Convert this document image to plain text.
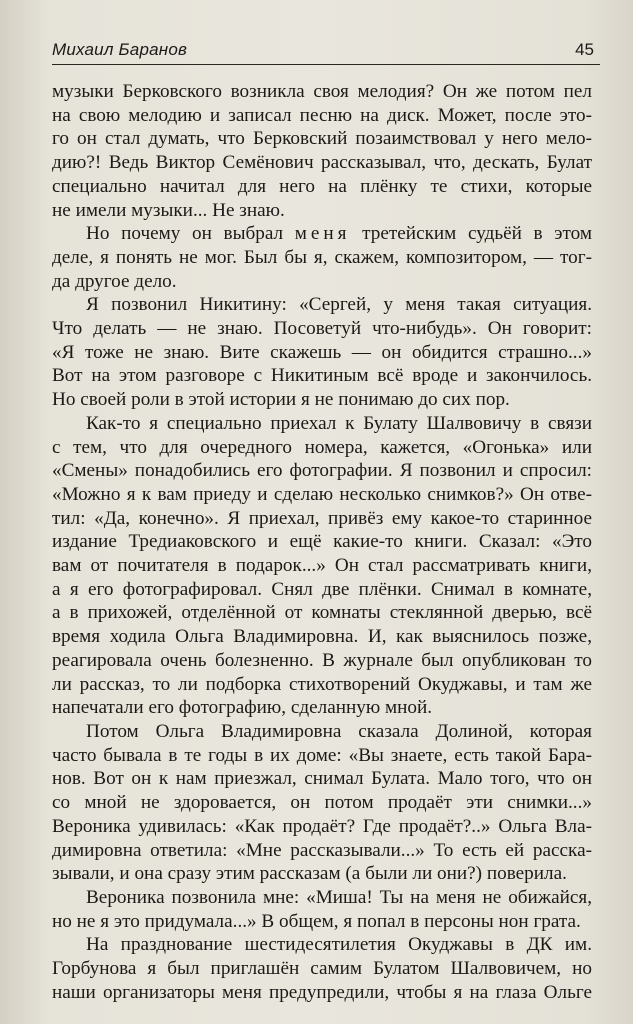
Михаил Баранов	45

музыки Берковского возникла своя мелодия? Он же потом пел

на свою мелодию и записал песню на диск. Может, после это-

го он стал думать, что Берковский позаимствовал у него мело-

дию?! Ведь Виктор Семёнович рассказывал, что, дескать, Булат

специально начитал для него на плёнку те стихи, которые

не имели музыки... Не знаю.

Но почему он выбрал меня третейским судьёй в этом

деле, я понять не мог. Был бы я, скажем, композитором, — тог-

да другое дело.

Я позвонил Никитину: «Сергей, у меня такая ситуация.

Что делать — не знаю. Посоветуй что-нибудь». Он говорит:

«Я тоже не знаю. Вите скажешь — он обидится страшно...»

Вот на этом разговоре с Никитиным всё вроде и закончилось.

Но своей роли в этой истории я не понимаю до сих пор.

Как-то я специально приехал к Булату Шалвовичу в связи

с тем, что для очередного номера, кажется, «Огонька» или

«Смены» понадобились его фотографии. Я позвонил и спросил:

«Можно я к вам приеду и сделаю несколько снимков?» Он отве-

тил: «Да, конечно». Я приехал, привёз ему какое-то старинное

издание Тредиаковского и ещё какие-то книги. Сказал: «Это

вам от почитателя в подарок...» Он стал рассматривать книги,

а я его фотографировал. Снял две плёнки. Снимал в комнате,

а в прихожей, отделённой от комнаты стеклянной дверью, всё

время ходила Ольга Владимировна. И, как выяснилось позже,

реагировала очень болезненно. В журнале был опубликован то

ли рассказ, то ли подборка стихотворений Окуджавы, и там же

напечатали его фотографию, сделанную мной.

Потом Ольга Владимировна сказала Долиной, которая

часто бывала в те годы в их доме: «Вы знаете, есть такой Бара-

нов. Вот он к нам приезжал, снимал Булата. Мало того, что он

со мной не здоровается, он потом продаёт эти снимки...»

Вероника удивилась: «Как продаёт? Где продаёт?..» Ольга Вла-

димировна ответила: «Мне рассказывали...» То есть ей расска-

зывали, и она сразу этим рассказам (а были ли они?) поверила.

Вероника позвонила мне: «Миша! Ты на меня не обижайся,

но не я это придумала...» В общем, я попал в персоны нон грата.

На празднование шестидесятилетия Окуджавы в ДК им.

Горбунова я был приглашён самим Булатом Шалвовичем, но

наши организаторы меня предупредили, чтобы я на глаза Ольге
